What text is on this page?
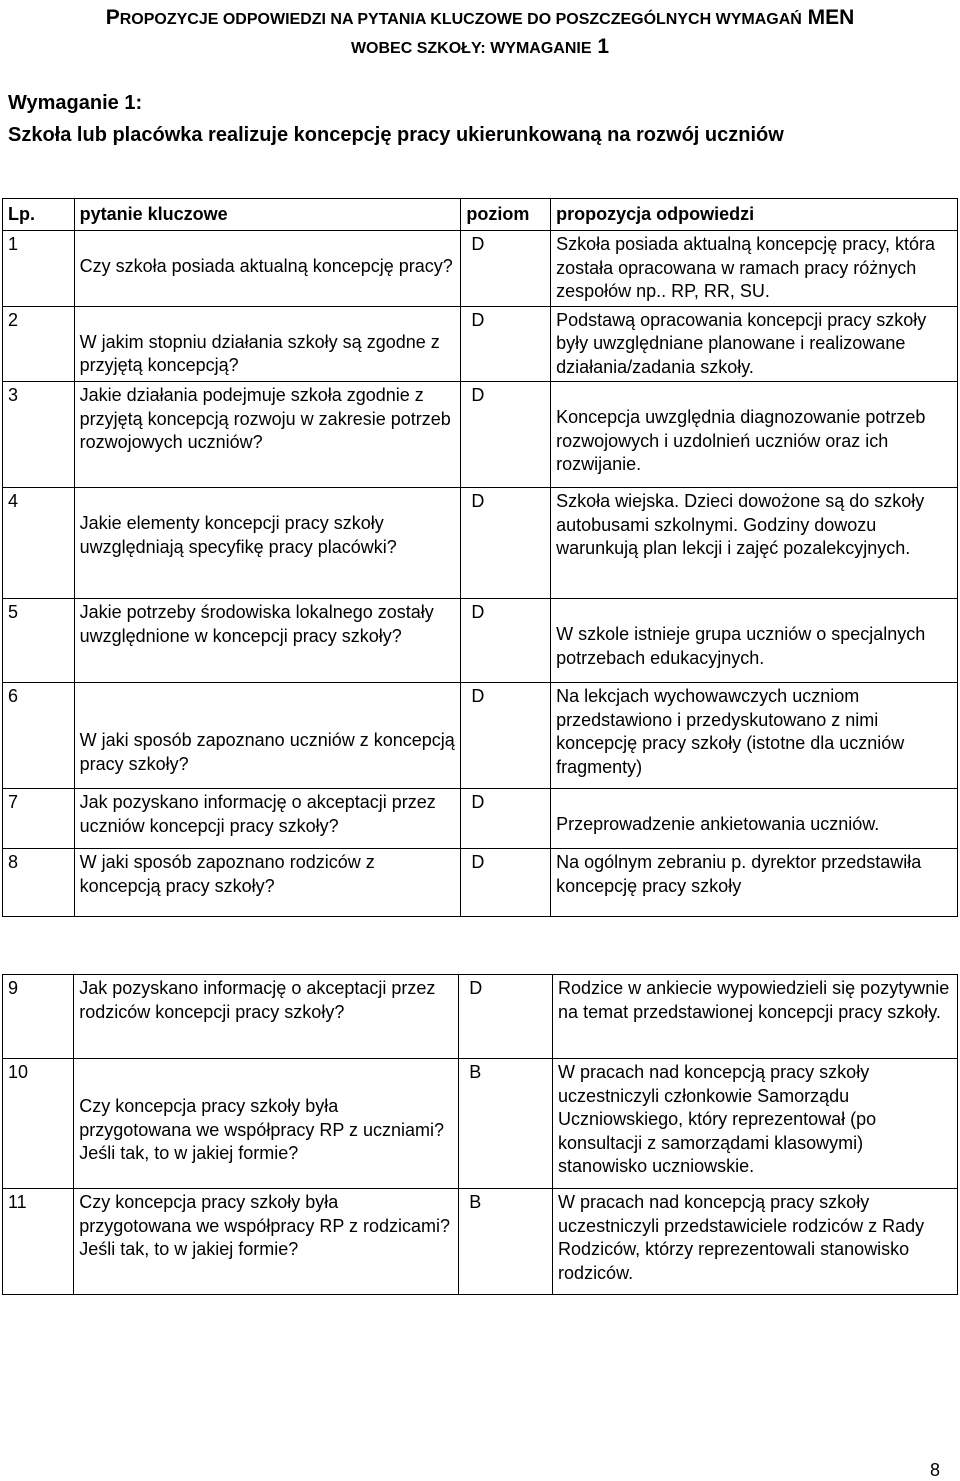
PROPOZYCJE ODPOWIEDZI NA PYTANIA KLUCZOWE DO POSZCZEGÓLNYCH WYMAGAŃ MEN
WOBEC SZKOŁY: WYMAGANIE 1
Wymaganie 1:
Szkoła lub placówka realizuje koncepcję pracy ukierunkowaną na rozwój uczniów
Lp.	pytanie kluczowe	poziom	propozycja odpowiedzi
1	Czy szkoła posiada aktualną koncepcję pracy?	D	Szkoła posiada aktualną koncepcję pracy, która została opracowana w ramach pracy różnych zespołów np.. RP, RR, SU.
2	W jakim stopniu działania szkoły są zgodne z przyjętą koncepcją?	D	Podstawą opracowania koncepcji pracy szkoły były uwzględniane planowane i realizowane działania/zadania szkoły.
3	Jakie działania podejmuje szkoła zgodnie z przyjętą koncepcją rozwoju w zakresie potrzeb rozwojowych uczniów?	D	Koncepcja uwzględnia diagnozowanie potrzeb rozwojowych i uzdolnień uczniów oraz ich rozwijanie.
4	Jakie elementy koncepcji pracy szkoły uwzględniają specyfikę pracy placówki?	D	Szkoła wiejska. Dzieci dowożone są do szkoły autobusami szkolnymi. Godziny dowozu warunkują plan lekcji i zajęć pozalekcyjnych.
5	Jakie potrzeby środowiska lokalnego zostały uwzględnione w koncepcji pracy szkoły?	D	W szkole istnieje grupa uczniów o specjalnych potrzebach edukacyjnych.
6	W jaki sposób zapoznano uczniów z koncepcją pracy szkoły?	D	Na lekcjach wychowawczych uczniom przedstawiono i przedyskutowano z nimi koncepcję pracy szkoły (istotne dla uczniów fragmenty)
7	Jak pozyskano informację o akceptacji przez uczniów koncepcji pracy szkoły?	D	Przeprowadzenie ankietowania uczniów.
8	W jaki sposób zapoznano rodziców z koncepcją pracy szkoły?	D	Na ogólnym zebraniu p. dyrektor przedstawiła koncepcję pracy szkoły
9	Jak pozyskano informację o akceptacji przez rodziców koncepcji pracy szkoły?	D	Rodzice w ankiecie wypowiedzieli się pozytywnie na temat przedstawionej koncepcji pracy szkoły.
10	Czy koncepcja pracy szkoły była przygotowana we współpracy RP z uczniami? Jeśli tak, to w jakiej formie?	B	W pracach nad koncepcją pracy szkoły uczestniczyli członkowie Samorządu Uczniowskiego, który reprezentował (po konsultacji z samorządami klasowymi) stanowisko uczniowskie.
11	Czy koncepcja pracy szkoły była przygotowana we współpracy RP z rodzicami? Jeśli tak, to w jakiej formie?	B	W pracach nad koncepcją pracy szkoły uczestniczyli przedstawiciele rodziców z Rady Rodziców, którzy reprezentowali stanowisko rodziców.
8
